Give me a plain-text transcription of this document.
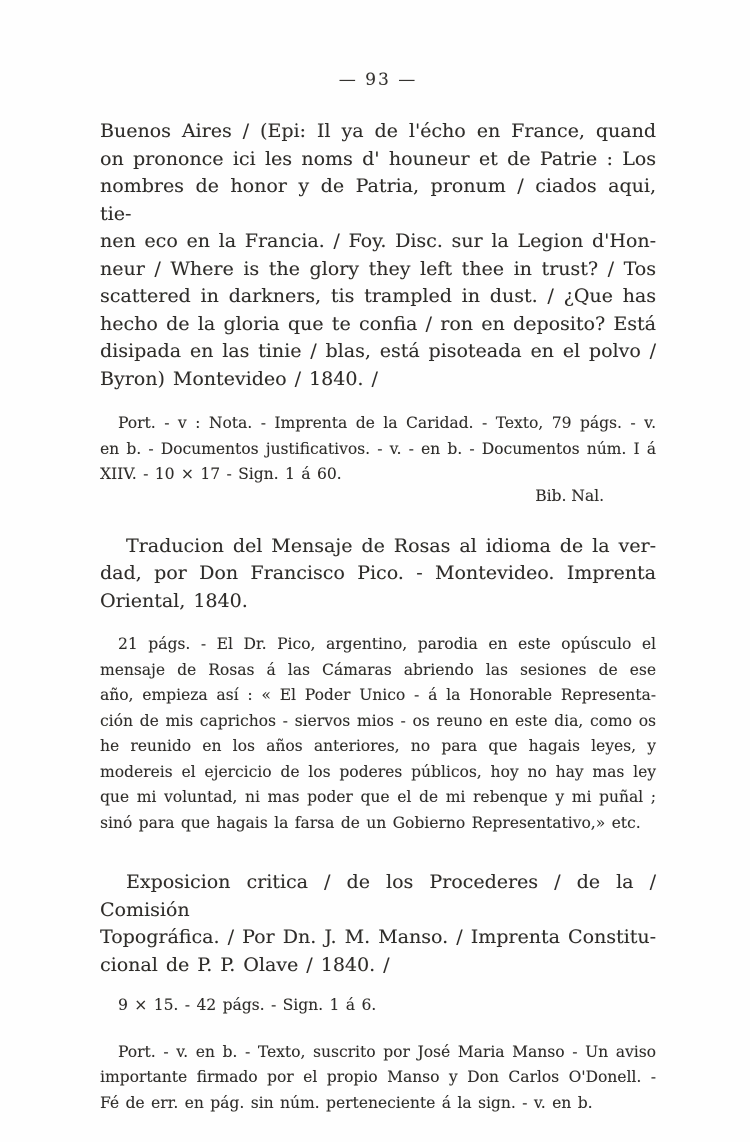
— 93 —
Buenos Aires / (Epi: Il ya de l'écho en France, quand
on prononce ici les noms d' houneur et de Patrie : Los
nombres de honor y de Patria, pronum / ciados aqui, tie-
nen eco en la Francia. / Foy. Disc. sur la Legion d'Hon-
neur / Where is the glory they left thee in trust? / Tos
scattered in darkners, tis trampled in dust. / ¿Que has
hecho de la gloria que te confia / ron en deposito? Está
disipada en las tinie / blas, está pisoteada en el polvo /
Byron) Montevideo / 1840. /
Port. - v : Nota. - Imprenta de la Caridad. - Texto, 79 págs. - v.
en b. - Documentos justificativos. - v. - en b. - Documentos núm. I á
XIIV. - 10 × 17 - Sign. 1 á 60.
Bib. Nal.
Traducion del Mensaje de Rosas al idioma de la ver-
dad, por Don Francisco Pico. - Montevideo. Imprenta
Oriental, 1840.
21 págs. - El Dr. Pico, argentino, parodia en este opúsculo el
mensaje de Rosas á las Cámaras abriendo las sesiones de ese
año, empieza así : « El Poder Unico - á la Honorable Representa-
ción de mis caprichos - siervos mios - os reuno en este dia, como os
he reunido en los años anteriores, no para que hagais leyes, y
modereis el ejercicio de los poderes públicos, hoy no hay mas ley
que mi voluntad, ni mas poder que el de mi rebenque y mi puñal ;
sinó para que hagais la farsa de un Gobierno Representativo,» etc.
Exposicion critica / de los Procederes / de la / Comisión
Topográfica. / Por Dn. J. M. Manso. / Imprenta Constitu-
cional de P. P. Olave / 1840. /
9 × 15. - 42 págs. - Sign. 1 á 6.
Port. - v. en b. - Texto, suscrito por José Maria Manso - Un aviso
importante firmado por el propio Manso y Don Carlos O'Donell. -
Fé de err. en pág. sin núm. perteneciente á la sign. - v. en b.
